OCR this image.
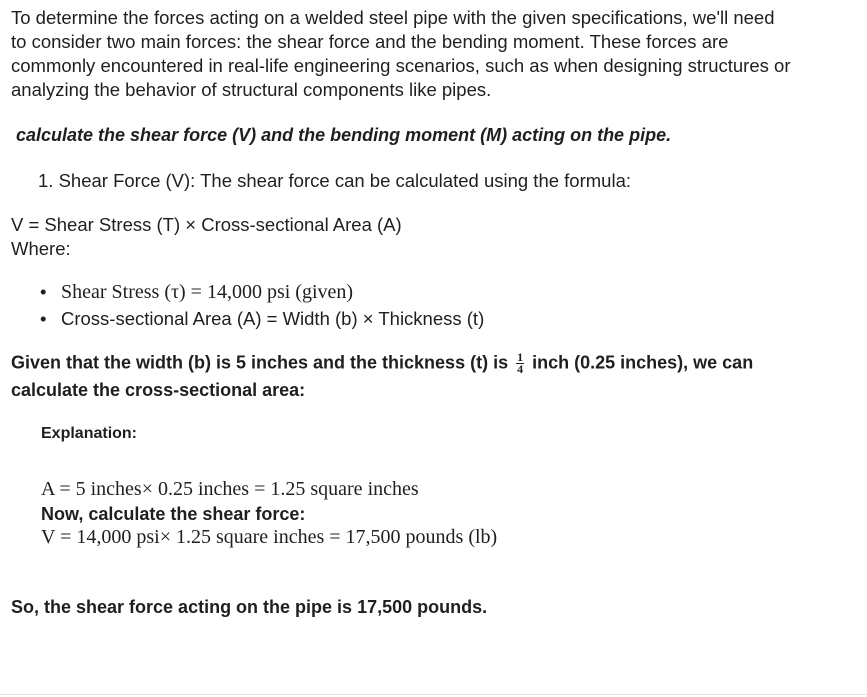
To determine the forces acting on a welded steel pipe with the given specifications, we'll need
to consider two main forces: the shear force and the bending moment. These forces are
commonly encountered in real-life engineering scenarios, such as when designing structures or
analyzing the behavior of structural components like pipes.
calculate the shear force (V) and the bending moment (M) acting on the pipe.
1. Shear Force (V): The shear force can be calculated using the formula:
V = Shear Stress (T) × Cross-sectional Area (A)
Where:
• Shear Stress (τ) = 14,000 psi (given)
• Cross-sectional Area (A) = Width (b) × Thickness (t)
Given that the width (b) is 5 inches and the thickness (t) is $\frac{1}{4}$ inch (0.25 inches), we can
calculate the cross-sectional area:
Explanation:
A = 5 inches× 0.25 inches = 1.25 square inches
Now, calculate the shear force:
V = 14,000 psi× 1.25 square inches = 17,500 pounds (lb)
So, the shear force acting on the pipe is 17,500 pounds.
